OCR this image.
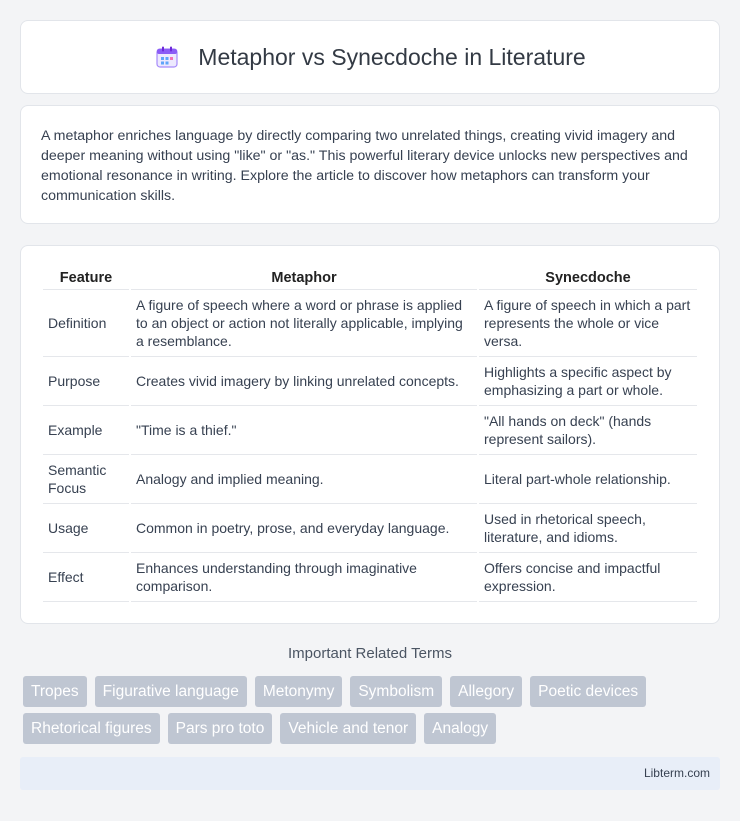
Metaphor vs Synecdoche in Literature

A metaphor enriches language by directly comparing two unrelated things, creating vivid imagery and deeper meaning without using "like" or "as." This powerful literary device unlocks new perspectives and emotional resonance in writing. Explore the article to discover how metaphors can transform your communication skills.

Feature	Metaphor	Synecdoche
Definition	A figure of speech where a word or phrase is applied to an object or action not literally applicable, implying a resemblance.	A figure of speech in which a part represents the whole or vice versa.
Purpose	Creates vivid imagery by linking unrelated concepts.	Highlights a specific aspect by emphasizing a part or whole.
Example	"Time is a thief."	"All hands on deck" (hands represent sailors).
Semantic Focus	Analogy and implied meaning.	Literal part-whole relationship.
Usage	Common in poetry, prose, and everyday language.	Used in rhetorical speech, literature, and idioms.
Effect	Enhances understanding through imaginative comparison.	Offers concise and impactful expression.
Important Related Terms
Tropes	Figurative language	Metonymy	Symbolism	Allegory	Poetic devices
Rhetorical figures	Pars pro toto	Vehicle and tenor	Analogy
Libterm.com
